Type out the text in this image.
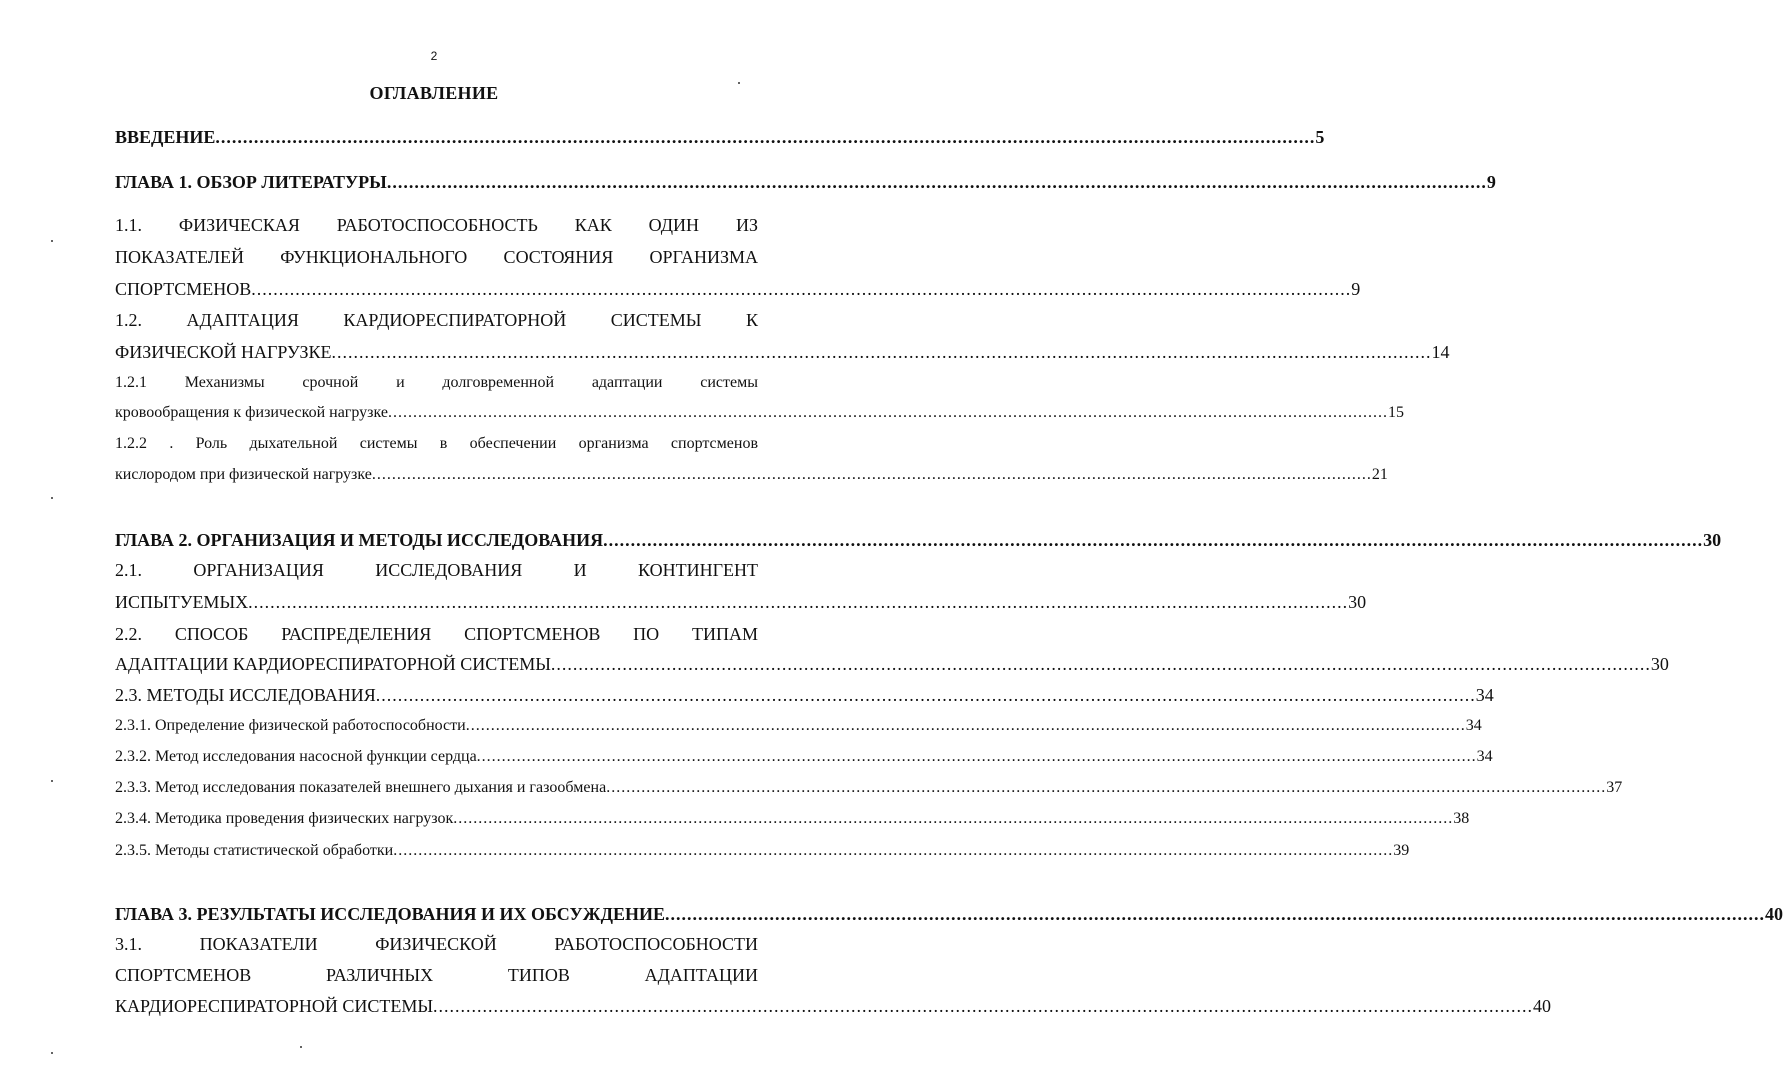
2
ОГЛАВЛЕНИЕ
ВВЕДЕНИЕ ........................................................................................................................................................................................................ 5
ГЛАВА 1. ОБЗОР ЛИТЕРАТУРЫ ........................................................................................................................................................................................................ 9
1.1. ФИЗИЧЕСКАЯ РАБОТОСПОСОБНОСТЬ КАК ОДИН ИЗ
ПОКАЗАТЕЛЕЙ ФУНКЦИОНАЛЬНОГО СОСТОЯНИЯ ОРГАНИЗМА
СПОРТСМЕНОВ ........................................................................................................................................................................................................ 9
1.2. АДАПТАЦИЯ КАРДИОРЕСПИРАТОРНОЙ СИСТЕМЫ К
ФИЗИЧЕСКОЙ НАГРУЗКЕ ........................................................................................................................................................................................................ 14
1.2.1 Механизмы срочной и долговременной адаптации системы
кровообращения к физической нагрузке ........................................................................................................................................................................................................ 15
1.2.2 . Роль дыхательной системы в обеспечении организма спортсменов
кислородом при физической нагрузке ........................................................................................................................................................................................................ 21
ГЛАВА 2. ОРГАНИЗАЦИЯ И МЕТОДЫ ИССЛЕДОВАНИЯ ........................................................................................................................................................................................................ 30
2.1. ОРГАНИЗАЦИЯ ИССЛЕДОВАНИЯ И КОНТИНГЕНТ
ИСПЫТУЕМЫХ ........................................................................................................................................................................................................ 30
2.2. СПОСОБ РАСПРЕДЕЛЕНИЯ СПОРТСМЕНОВ ПО ТИПАМ
АДАПТАЦИИ КАРДИОРЕСПИРАТОРНОЙ СИСТЕМЫ ........................................................................................................................................................................................................ 30
2.3. МЕТОДЫ ИССЛЕДОВАНИЯ ........................................................................................................................................................................................................ 34
2.3.1. Определение физической работоспособности ........................................................................................................................................................................................................ 34
2.3.2. Метод исследования насосной функции сердца ........................................................................................................................................................................................................ 34
2.3.3. Метод исследования показателей внешнего дыхания и газообмена ........................................................................................................................................................................................................ 37
2.3.4. Методика проведения физических нагрузок ........................................................................................................................................................................................................ 38
2.3.5. Методы статистической обработки ........................................................................................................................................................................................................ 39
ГЛАВА 3. РЕЗУЛЬТАТЫ ИССЛЕДОВАНИЯ И ИХ ОБСУЖДЕНИЕ ........................................................................................................................................................................................................ 40
3.1. ПОКАЗАТЕЛИ ФИЗИЧЕСКОЙ РАБОТОСПОСОБНОСТИ
СПОРТСМЕНОВ РАЗЛИЧНЫХ ТИПОВ АДАПТАЦИИ
КАРДИОРЕСПИРАТОРНОЙ СИСТЕМЫ ........................................................................................................................................................................................................ 40
